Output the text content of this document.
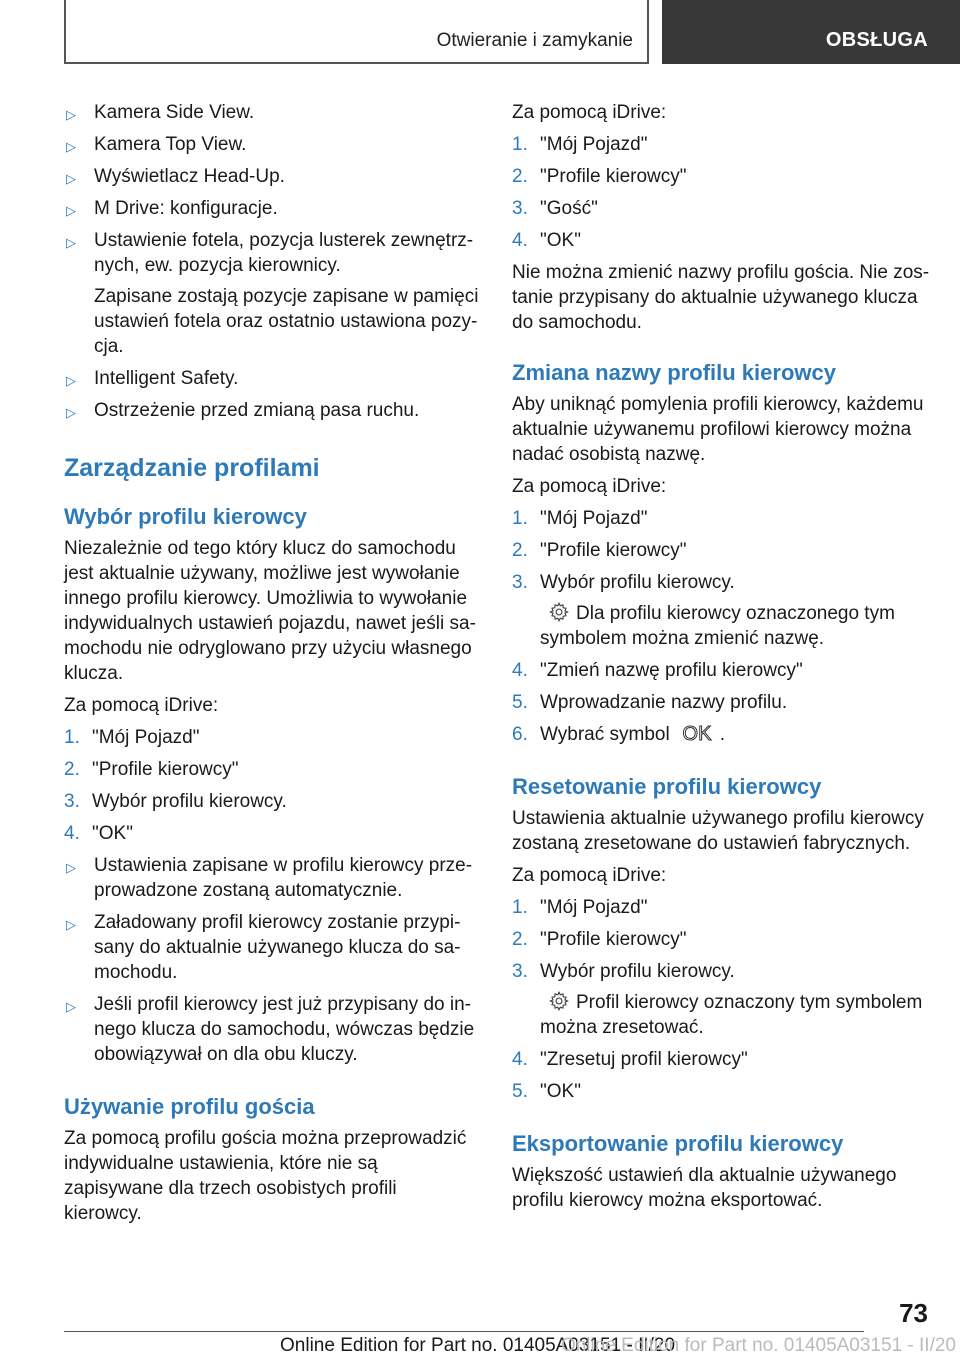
Otwieranie i zamykanie	OBSŁUGA
▷ Kamera Side View.
▷ Kamera Top View.
▷ Wyświetlacz Head-Up.
▷ M Drive: konfiguracje.
▷ Ustawienie fotela, pozycja lusterek zewnętrz-nych, ew. pozycja kierownicy.
Zapisane zostają pozycje zapisane w pamięci ustawień fotela oraz ostatnio ustawiona pozy-cja.
▷ Intelligent Safety.
▷ Ostrzeżenie przed zmianą pasa ruchu.
Zarządzanie profilami
Wybór profilu kierowcy

Niezależnie od tego który klucz do samochodu jest aktualnie używany, możliwe jest wywołanie innego profilu kierowcy. Umożliwia to wywołanie indywidualnych ustawień pojazdu, nawet jeśli sa-mochodu nie odryglowano przy użyciu własnego klucza.

Za pomocą iDrive:

1. "Mój Pojazd"
2. "Profile kierowcy"
3. Wybór profilu kierowcy.
4. "OK"
▷ Ustawienia zapisane w profilu kierowcy prze-prowadzone zostaną automatycznie.
▷ Załadowany profil kierowcy zostanie przypi-sany do aktualnie używanego klucza do sa-mochodu.
▷ Jeśli profil kierowcy jest już przypisany do in-nego klucza do samochodu, wówczas będzie obowiązywał on dla obu kluczy.
Używanie profilu gościa

Za pomocą profilu gościa można przeprowadzić indywidualne ustawienia, które nie są zapisywane dla trzech osobistych profili kierowcy.

Za pomocą iDrive:

1. "Mój Pojazd"
2. "Profile kierowcy"
3. "Gość"
4. "OK"

Nie można zmienić nazwy profilu gościa. Nie zos-tanie przypisany do aktualnie używanego klucza do samochodu.

Zmiana nazwy profilu kierowcy

Aby uniknąć pomylenia profili kierowcy, każdemu aktualnie używanemu profilowi kierowcy można nadać osobistą nazwę.

Za pomocą iDrive:

1. "Mój Pojazd"
2. "Profile kierowcy"
3. Wybór profilu kierowcy.
Dla profilu kierowcy oznaczonego tym symbolem można zmienić nazwę.
4. "Zmień nazwę profilu kierowcy"
5. Wprowadzanie nazwy profilu.
6. Wybrać symbol OK .
Resetowanie profilu kierowcy

Ustawienia aktualnie używanego profilu kierowcy zostaną zresetowane do ustawień fabrycznych.

Za pomocą iDrive:

1. "Mój Pojazd"
2. "Profile kierowcy"
3. Wybór profilu kierowcy.
Profil kierowcy oznaczony tym symbolem można zresetować.
4. "Zresetuj profil kierowcy"
5. "OK"
Eksportowanie profilu kierowcy

Większość ustawień dla aktualnie używanego profilu kierowcy można eksportować.

73
Online Edition for Part no. 01405A03151 - II/20
Online Edition for Part no. 01405A03151 - II/20
